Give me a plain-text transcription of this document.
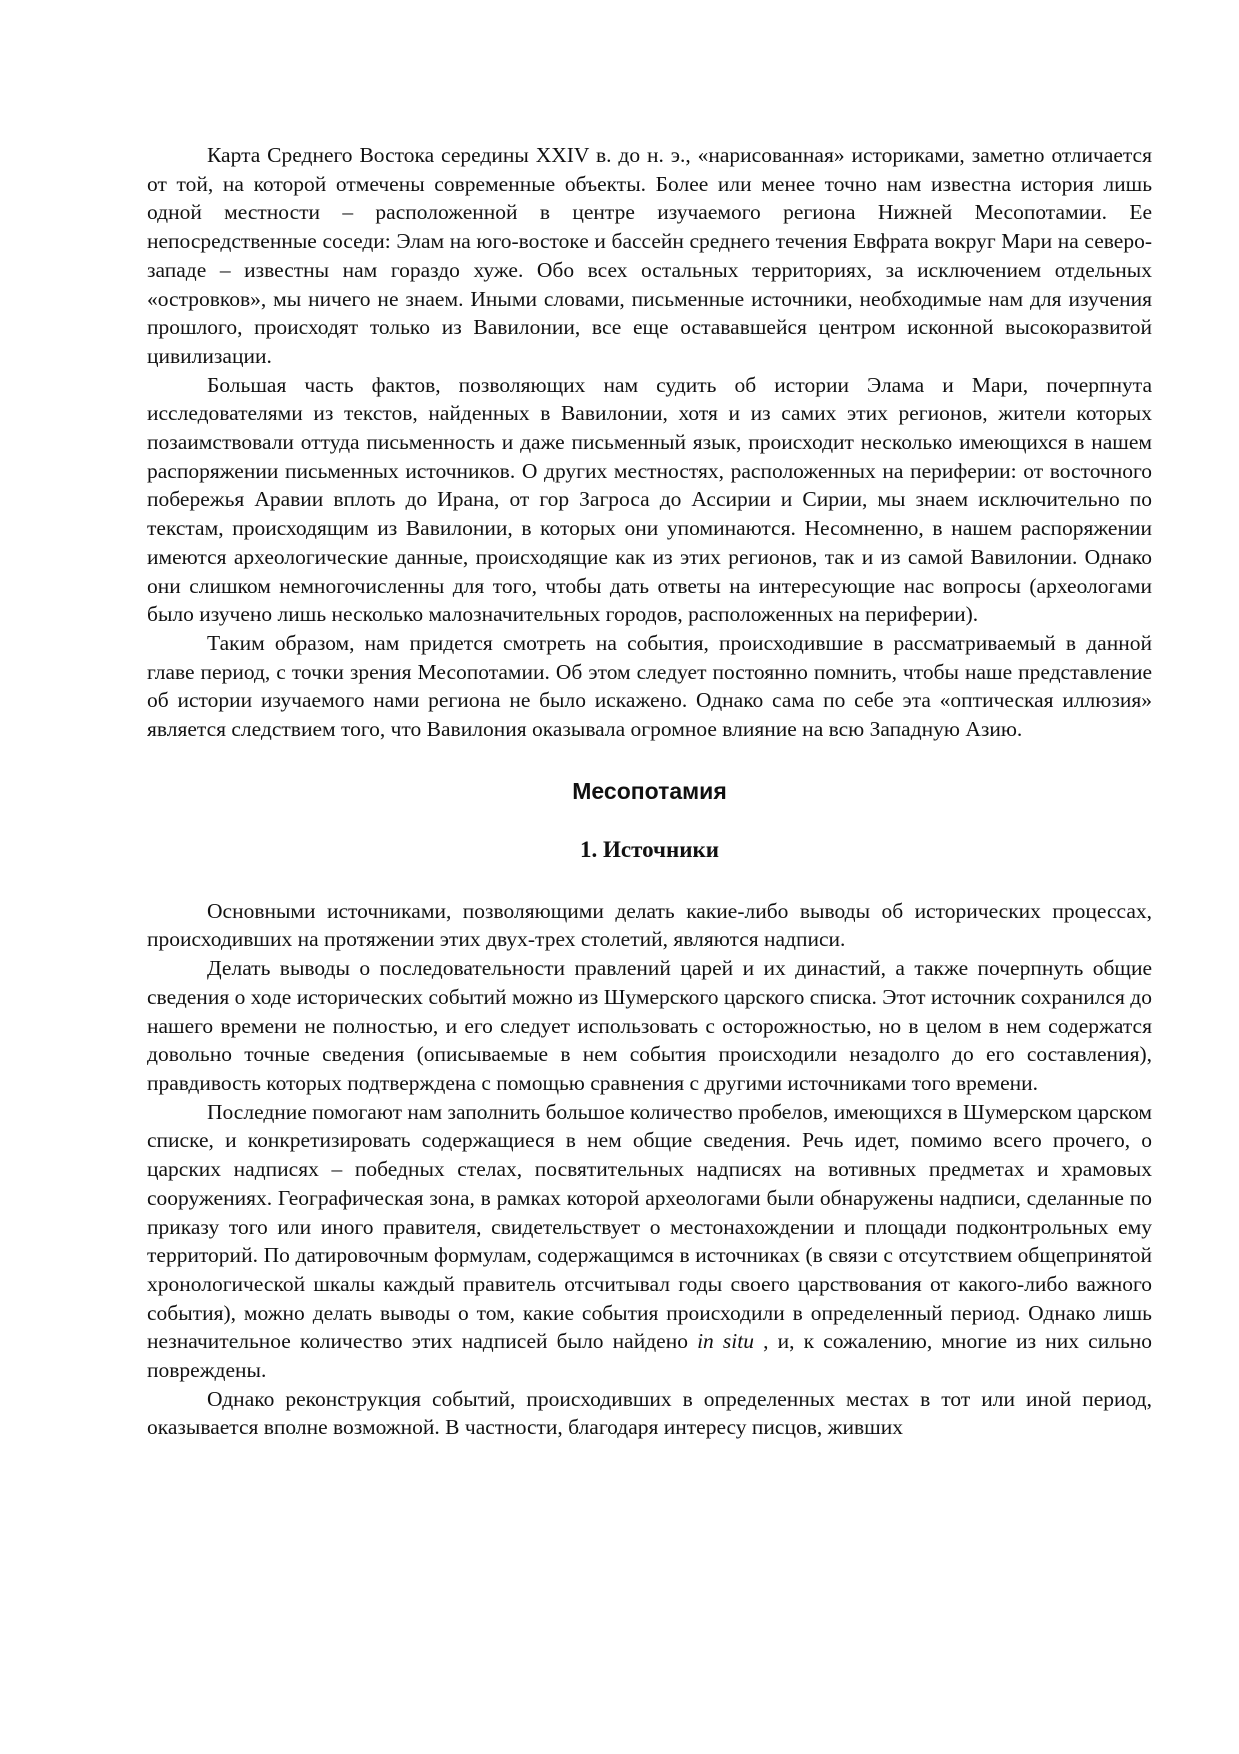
Карта Среднего Востока середины XXIV в. до н. э., «нарисованная» историками, заметно отличается от той, на которой отмечены современные объекты. Более или менее точно нам известна история лишь одной местности – расположенной в центре изучаемого региона Нижней Месопотамии. Ее непосредственные соседи: Элам на юго-востоке и бассейн среднего течения Евфрата вокруг Мари на северо-западе – известны нам гораздо хуже. Обо всех остальных территориях, за исключением отдельных «островков», мы ничего не знаем. Иными словами, письменные источники, необходимые нам для изучения прошлого, происходят только из Вавилонии, все еще остававшейся центром исконной высокоразвитой цивилизации.

Большая часть фактов, позволяющих нам судить об истории Элама и Мари, почерпнута исследователями из текстов, найденных в Вавилонии, хотя и из самих этих регионов, жители которых позаимствовали оттуда письменность и даже письменный язык, происходит несколько имеющихся в нашем распоряжении письменных источников. О других местностях, расположенных на периферии: от восточного побережья Аравии вплоть до Ирана, от гор Загроса до Ассирии и Сирии, мы знаем исключительно по текстам, происходящим из Вавилонии, в которых они упоминаются. Несомненно, в нашем распоряжении имеются археологические данные, происходящие как из этих регионов, так и из самой Вавилонии. Однако они слишком немногочисленны для того, чтобы дать ответы на интересующие нас вопросы (археологами было изучено лишь несколько малозначительных городов, расположенных на периферии).

Таким образом, нам придется смотреть на события, происходившие в рассматриваемый в данной главе период, с точки зрения Месопотамии. Об этом следует постоянно помнить, чтобы наше представление об истории изучаемого нами региона не было искажено. Однако сама по себе эта «оптическая иллюзия» является следствием того, что Вавилония оказывала огромное влияние на всю Западную Азию.

Месопотамия
1. Источники

Основными источниками, позволяющими делать какие-либо выводы об исторических процессах, происходивших на протяжении этих двух-трех столетий, являются надписи.

Делать выводы о последовательности правлений царей и их династий, а также почерпнуть общие сведения о ходе исторических событий можно из Шумерского царского списка. Этот источник сохранился до нашего времени не полностью, и его следует использовать с осторожностью, но в целом в нем содержатся довольно точные сведения (описываемые в нем события происходили незадолго до его составления), правдивость которых подтверждена с помощью сравнения с другими источниками того времени.

Последние помогают нам заполнить большое количество пробелов, имеющихся в Шумерском царском списке, и конкретизировать содержащиеся в нем общие сведения. Речь идет, помимо всего прочего, о царских надписях – победных стелах, посвятительных надписях на вотивных предметах и храмовых сооружениях. Географическая зона, в рамках которой археологами были обнаружены надписи, сделанные по приказу того или иного правителя, свидетельствует о местонахождении и площади подконтрольных ему территорий. По датировочным формулам, содержащимся в источниках (в связи с отсутствием общепринятой хронологической шкалы каждый правитель отсчитывал годы своего царствования от какого-либо важного события), можно делать выводы о том, какие события происходили в определенный период. Однако лишь незначительное количество этих надписей было найдено in situ , и, к сожалению, многие из них сильно повреждены.

Однако реконструкция событий, происходивших в определенных местах в тот или иной период, оказывается вполне возможной. В частности, благодаря интересу писцов, живших
